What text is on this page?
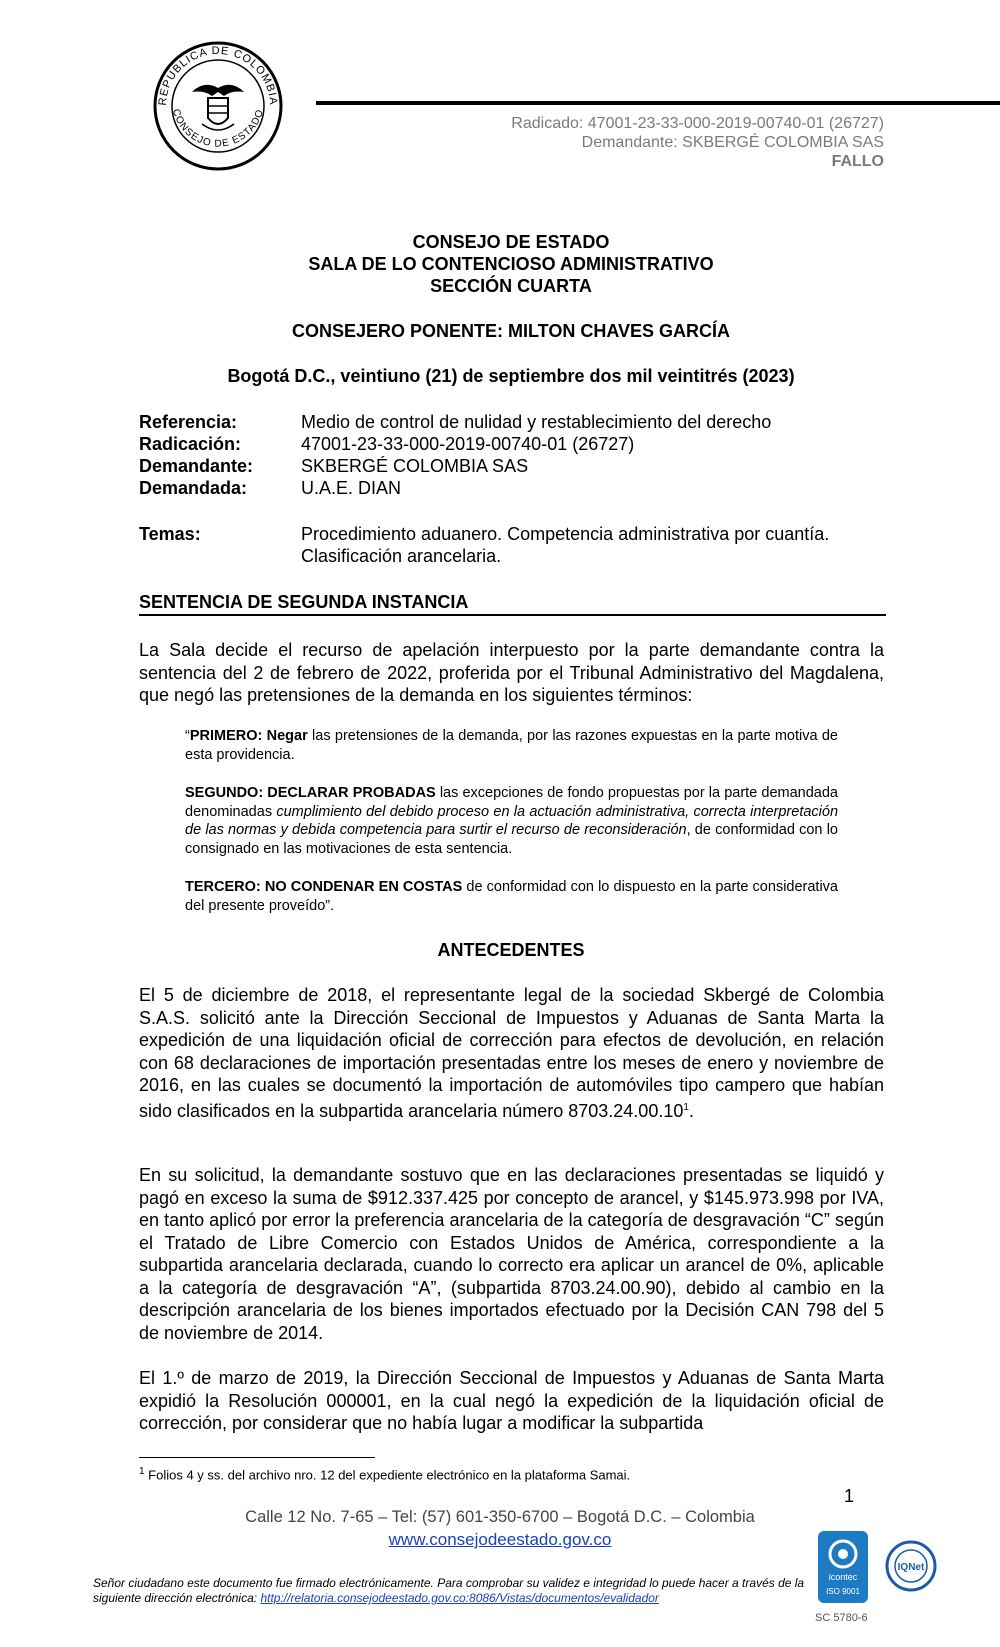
REPUBLICA DE COLOMBIA
CONSEJO DE ESTADO
Radicado: 47001-23-33-000-2019-00740-01 (26727)
Demandante: SKBERGÉ COLOMBIA SAS
FALLO
CONSEJO DE ESTADO
SALA DE LO CONTENCIOSO ADMINISTRATIVO
SECCIÓN CUARTA
CONSEJERO PONENTE: MILTON CHAVES GARCÍA
Bogotá D.C., veintiuno (21) de septiembre dos mil veintitrés (2023)
Referencia:	Medio de control de nulidad y restablecimiento del derecho
Radicación:	47001-23-33-000-2019-00740-01 (26727)
Demandante:	SKBERGÉ COLOMBIA SAS
Demandada:	U.A.E. DIAN
Temas:	Procedimiento aduanero. Competencia administrativa por cuantía.
Clasificación arancelaria.
SENTENCIA DE SEGUNDA INSTANCIA
La Sala decide el recurso de apelación interpuesto por la parte demandante contra la sentencia del 2 de febrero de 2022, proferida por el Tribunal Administrativo del Magdalena, que negó las pretensiones de la demanda en los siguientes términos:
“PRIMERO: Negar las pretensiones de la demanda, por las razones expuestas en la parte motiva de esta providencia.
SEGUNDO: DECLARAR PROBADAS las excepciones de fondo propuestas por la parte demandada denominadas cumplimiento del debido proceso en la actuación administrativa, correcta interpretación de las normas y debida competencia para surtir el recurso de reconsideración, de conformidad con lo consignado en las motivaciones de esta sentencia.
TERCERO: NO CONDENAR EN COSTAS de conformidad con lo dispuesto en la parte considerativa del presente proveído”.
ANTECEDENTES
El 5 de diciembre de 2018, el representante legal de la sociedad Skbergé de Colombia S.A.S. solicitó ante la Dirección Seccional de Impuestos y Aduanas de Santa Marta la expedición de una liquidación oficial de corrección para efectos de devolución, en relación con 68 declaraciones de importación presentadas entre los meses de enero y noviembre de 2016, en las cuales se documentó la importación de automóviles tipo campero que habían sido clasificados en la subpartida arancelaria número 8703.24.00.10$^1$.
En su solicitud, la demandante sostuvo que en las declaraciones presentadas se liquidó y pagó en exceso la suma de $912.337.425 por concepto de arancel, y $145.973.998 por IVA, en tanto aplicó por error la preferencia arancelaria de la categoría de desgravación “C” según el Tratado de Libre Comercio con Estados Unidos de América, correspondiente a la subpartida arancelaria declarada, cuando lo correcto era aplicar un arancel de 0%, aplicable a la categoría de desgravación “A”, (subpartida 8703.24.00.90), debido al cambio en la descripción arancelaria de los bienes importados efectuado por la Decisión CAN 798 del 5 de noviembre de 2014.
El 1.º de marzo de 2019, la Dirección Seccional de Impuestos y Aduanas de Santa Marta expidió la Resolución 000001, en la cual negó la expedición de la liquidación oficial de corrección, por considerar que no había lugar a modificar la subpartida
$^1$ Folios 4 y ss. del archivo nro. 12 del expediente electrónico en la plataforma Samai.
1
Calle 12 No. 7-65 – Tel: (57) 601-350-6700 – Bogotá D.C. – Colombia
www.consejodeestado.gov.co
Señor ciudadano este documento fue firmado electrónicamente. Para comprobar su validez e integridad lo puede hacer a través de la siguiente dirección electrónica: http://relatoria.consejodeestado.gov.co:8086/Vistas/documentos/evalidador
icontec
ISO 9001
IQNet
SC 5780-6
